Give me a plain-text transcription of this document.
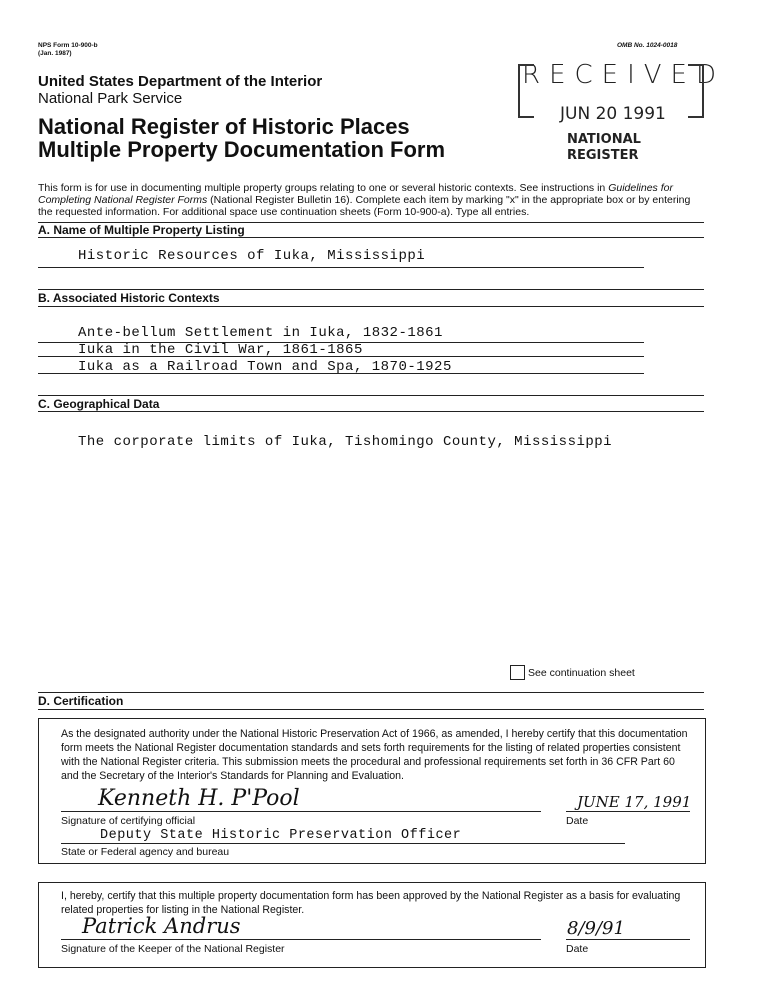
NPS Form 10-900-b
(Jan. 1987)
OMB No. 1024-0018
United States Department of the Interior
National Park Service
National Register of Historic Places
Multiple Property Documentation Form
RECEIVED
JUN 20 1991
NATIONAL
REGISTER
This form is for use in documenting multiple property groups relating to one or several historic contexts. See instructions in Guidelines for Completing National Register Forms (National Register Bulletin 16). Complete each item by marking "x" in the appropriate box or by entering the requested information. For additional space use continuation sheets (Form 10-900-a). Type all entries.
A. Name of Multiple Property Listing
Historic Resources of Iuka, Mississippi
B. Associated Historic Contexts
Ante-bellum Settlement in Iuka, 1832-1861
Iuka in the Civil War, 1861-1865
Iuka as a Railroad Town and Spa, 1870-1925
C. Geographical Data
The corporate limits of Iuka, Tishomingo County, Mississippi
See continuation sheet
D. Certification
As the designated authority under the National Historic Preservation Act of 1966, as amended, I hereby certify that this documentation form meets the National Register documentation standards and sets forth requirements for the listing of related properties consistent with the National Register criteria. This submission meets the procedural and professional requirements set forth in 36 CFR Part 60 and the Secretary of the Interior's Standards for Planning and Evaluation.
Kenneth H. P'Pool	JUNE 17, 1991
Signature of certifying official	Date
Deputy State Historic Preservation Officer
State or Federal agency and bureau
I, hereby, certify that this multiple property documentation form has been approved by the National Register as a basis for evaluating related properties for listing in the National Register.
Patrick Andrus	8/9/91
Signature of the Keeper of the National Register	Date
